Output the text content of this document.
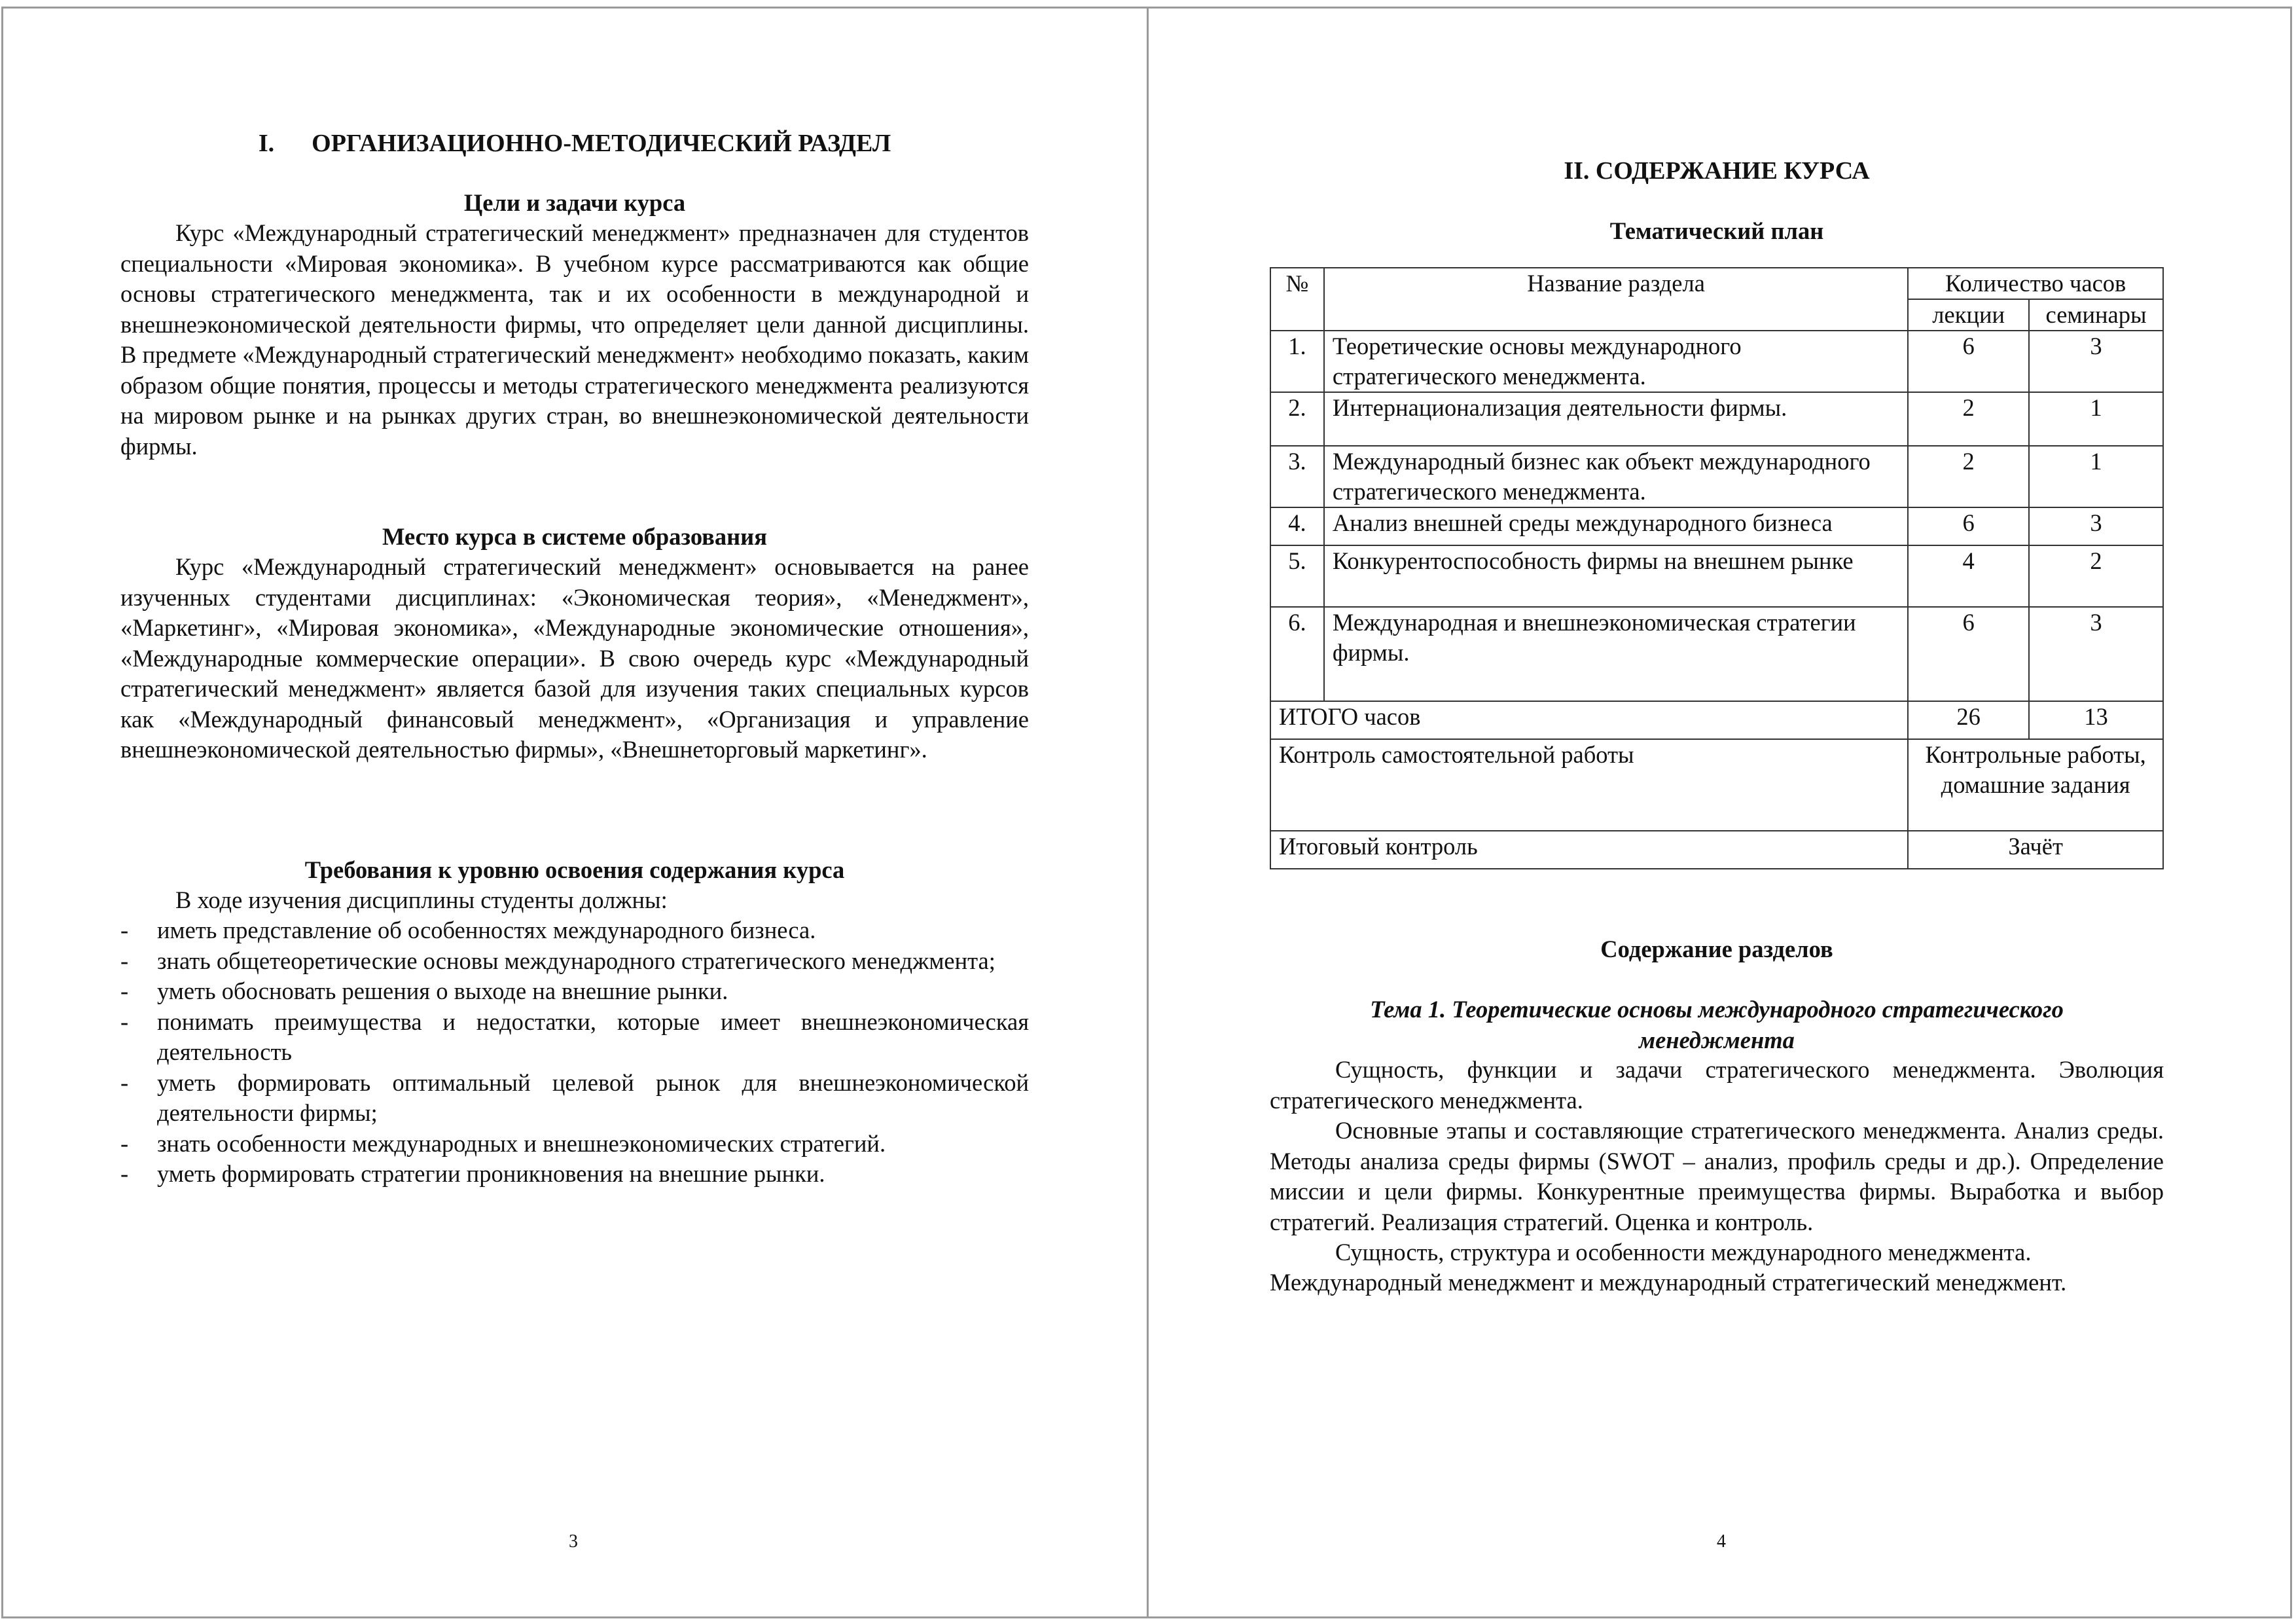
I.      ОРГАНИЗАЦИОННО-МЕТОДИЧЕСКИЙ РАЗДЕЛ
Цели и задачи курса

Курс «Международный стратегический менеджмент» предназначен для студентов специальности «Мировая экономика». В учебном курсе рассматриваются как общие основы стратегического менеджмента, так и их особенности в международной и внешнеэкономической деятельности фирмы, что определяет цели данной дисциплины. В предмете «Международный стратегический менеджмент» необходимо показать, каким образом общие понятия, процессы и методы стратегического менеджмента реализуются на мировом рынке и на рынках других стран, во внешнеэкономической деятельности фирмы.

Место курса в системе образования

Курс «Международный стратегический менеджмент» основывается на ранее изученных студентами дисциплинах: «Экономическая теория», «Менеджмент», «Маркетинг», «Мировая экономика», «Международные экономические отношения», «Международные коммерческие операции». В свою очередь курс «Международный стратегический менеджмент» является базой для изучения таких специальных курсов как «Международный финансовый менеджмент», «Организация и управление внешнеэкономической деятельностью фирмы», «Внешнеторговый маркетинг».

Требования к уровню освоения содержания курса
В ходе изучения дисциплины студенты должны:
- иметь представление об особенностях международного бизнеса.
- знать общетеоретические основы международного стратегического менеджмента;
- уметь обосновать решения о выходе на внешние рынки.
- понимать преимущества и недостатки, которые имеет внешнеэкономическая деятельность
- уметь формировать оптимальный целевой рынок для внешнеэкономической деятельности фирмы;
- знать особенности международных и внешнеэкономических стратегий.
- уметь формировать стратегии проникновения на внешние рынки.
3
II. СОДЕРЖАНИЕ КУРСА
Тематический план
№	Название раздела	Количество часов	
		лекции	семинары
1.	Теоретические основы международного стратегического менеджмента.	6	3
2.	Интернационализация деятельности фирмы.	2	1
3.	Международный бизнес как объект международного стратегического менеджмента.	2	1
4.	Анализ внешней среды международного бизнеса	6	3
5.	Конкурентоспособность фирмы на внешнем рынке	4	2
6.	Международная и внешнеэкономическая стратегии фирмы.	6	3
ИТОГО часов		26	13
Контроль самостоятельной работы		Контрольные работы, домашние задания	
Итоговый контроль		Зачёт	
Содержание разделов
Тема 1. Теоретические основы международного стратегического менеджмента

Сущность, функции и задачи стратегического менеджмента. Эволюция стратегического менеджмента.

Основные этапы и составляющие стратегического менеджмента. Анализ среды. Методы анализа среды фирмы (SWOT – анализ, профиль среды и др.). Определение миссии и цели фирмы. Конкурентные преимущества фирмы. Выработка и выбор стратегий. Реализация стратегий. Оценка и контроль.

Сущность, структура и особенности международного менеджмента.

Международный менеджмент и международный стратегический менеджмент.

4
